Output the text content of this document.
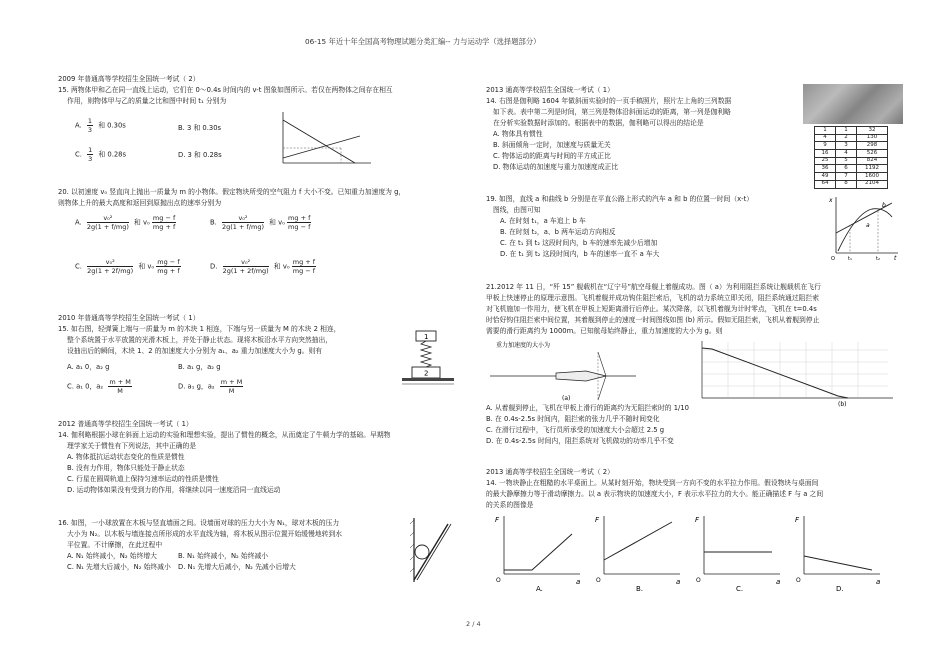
06-15 年近十年全国高考物理试题分类汇编-- 力与运动学（选择题部分）
2009 年普通高等学校招生全国统一考试（ 2）
15. 两物体甲和乙在同一直线上运动，它们在 0～0.4s 时间内的 v-t 图象如图所示。若仅在两物体之间存在相互
作用，则物体甲与乙的质量之比和图中时间 t₁ 分别为
A. $\frac{1}{3}$ 和 0.30s	B. 3 和 0.30s
C. $\frac{1}{3}$ 和 0.28s	D. 3 和 0.28s
20. 以初速度 v₀ 竖直向上抛出一质量为 m 的小物体。假定物块所受的空气阻力 f 大小不变。已知重力加速度为 g，
则物体上升的最大高度和返回到原抛出点的速率分别为
A. $\frac{\text{v₀²}}{2g(1 + f/mg)}$ 和 $v_0 \frac{mg - f}{mg + f}$	B. $\frac{\text{v₀²}}{2g(1 + f/mg)}$ 和 $v_0 \frac{mg + f}{mg - f}$
C. $\frac{\text{v₀²}}{2g(1 + 2f/mg)}$ 和 $v_0 \frac{mg - f}{mg + f}$	D. $\frac{\text{v₀²}}{2g(1 + 2f/mg)}$ 和 $v_0 \frac{mg + f}{mg - f}$
2010 年普通高等学校招生全国统一考试（ 1）
15. 如右图，轻弹簧上端与一质量为 m 的木块 1 相连，下端与另一质量为 M 的木块 2 相连，
整个系统置于水平放置的光滑木板上，并处于静止状态。现将木板沿水平方向突然抽出，
设抽出后的瞬间，木块 1、2 的加速度大小分别为 a₁、a₂ 重力加速度大小为 g。则有
A. a₁ 0，a₂ g	B. a₁ g，a₂ g
C. a₁ 0，$a_2 \frac{m + M}{M}$	D. a₁ g，$a_2 \frac{m + M}{M}$
1
2
2012 普通高等学校招生全国统一考试（ 1）
14. 伽利略根据小球在斜面上运动的实验和理想实验，提出了惯性的概念，从而奠定了牛顿力学的基础。早期物
理学家关于惯性有下列说法，其中正确的是
A. 物体抵抗运动状态变化的性质是惯性
B. 没有力作用，物体只能处于静止状态
C. 行星在圆周轨道上保持匀速率运动的性质是惯性
D. 运动物体如果没有受到力的作用，将继续以同一速度沿同一直线运动
16. 如图，一小球放置在木板与竖直墙面之间。设墙面对球的压力大小为 N₁，球对木板的压力
大小为 N₂。以木板与墙连接点所形成的水平直线为轴，将木板从图示位置开始缓慢地转到水
平位置。不计摩擦，在此过程中
A. N₁ 始终减小，N₂ 始终增大	B. N₁ 始终减小，N₂ 始终减小
C. N₁ 先增大后减小，N₂ 始终减小 D. N₁ 先增大后减小，N₂ 先减小后增大
2013 通高等学校招生全国统一考试（ 1）
14. 右图是伽利略 1604 年做斜面实验时的一页手稿照片，照片左上角的三列数据
如下表。表中第二列是时间，第三列是物体沿斜面运动的距离，第一列是伽利略
在分析实验数据时添加的。根据表中的数据，伽利略可以得出的结论是
A. 物体具有惯性
B. 斜面倾角一定时，加速度与质量无关
C. 物体运动的距离与时间的平方成正比
D. 物体运动的加速度与重力加速度成正比
1	1	32
4	2	130
9	3	298
16	4	526
25	5	824
36	6	1192
49	7	1600
64	8	2104
19. 如图，直线 a 和曲线 b 分别是在平直公路上形式的汽车 a 和 b 的位置一时间（x-t）
图线，由图可知
A. 在时刻 t₁，a 车追上 b 车
B. 在时刻 t₂，a、b 两车运动方向相反
C. 在 t₁ 到 t₂ 这段时间内，b 车的速率先减少后增加
D. 在 t₁ 到 t₂ 这段时间内，b 车的速率一直不 a 车大
x
t
b
a
t₁	t₂
O
21.2012 年 11 日，“歼 15” 舰载机在“辽宁号”航空母舰上着舰成功。图（ a）为利用阻拦系统让舰载机在飞行
甲板上快速停止的原理示意图。飞机着舰并成功钩住阻拦索后，飞机的动力系统立即关闭，阻拦系统通过阻拦索
对飞机施加一作用力，使飞机在甲板上短距离滑行后停止。某次降落，以飞机着舰为计时零点，飞机在 t=0.4s
时恰好钩住阻拦索中间位置，其着舰到停止的速度一时间图线如图 (b) 所示。假如无阻拦索，飞机从着舰到停止
需要的滑行距离约为 1000m。已知航母始终静止，重力加速度的大小为 g。则
重力加速度的大小为
(a)
(b)
A. 从着舰到停止，飞机在甲板上滑行的距离约为无阻拦索时的 1/10
B. 在 0.4s-2.5s 时间内，阻拦索的张力几乎不随时间变化
C. 在滑行过程中，飞行员所承受的加速度大小会超过 2.5 g
D. 在 0.4s-2.5s 时间内，阻拦系统对飞机做功的功率几乎不变
2013 通高等学校招生全国统一考试（ 2）
14. 一物块静止在粗糙的水平桌面上。从某时刻开始，物块受到一方向不变的水平拉力作用。假设物块与桌面间
的最大静摩擦力等于滑动摩擦力。以 a 表示物块的加速度大小，F 表示水平拉力的大小。能正确描述 F 与 a 之间
的关系的图像是
F
a
O
A.
F
a
O
B.
F
a
O
C.
F
a
O
D.
2 / 4
